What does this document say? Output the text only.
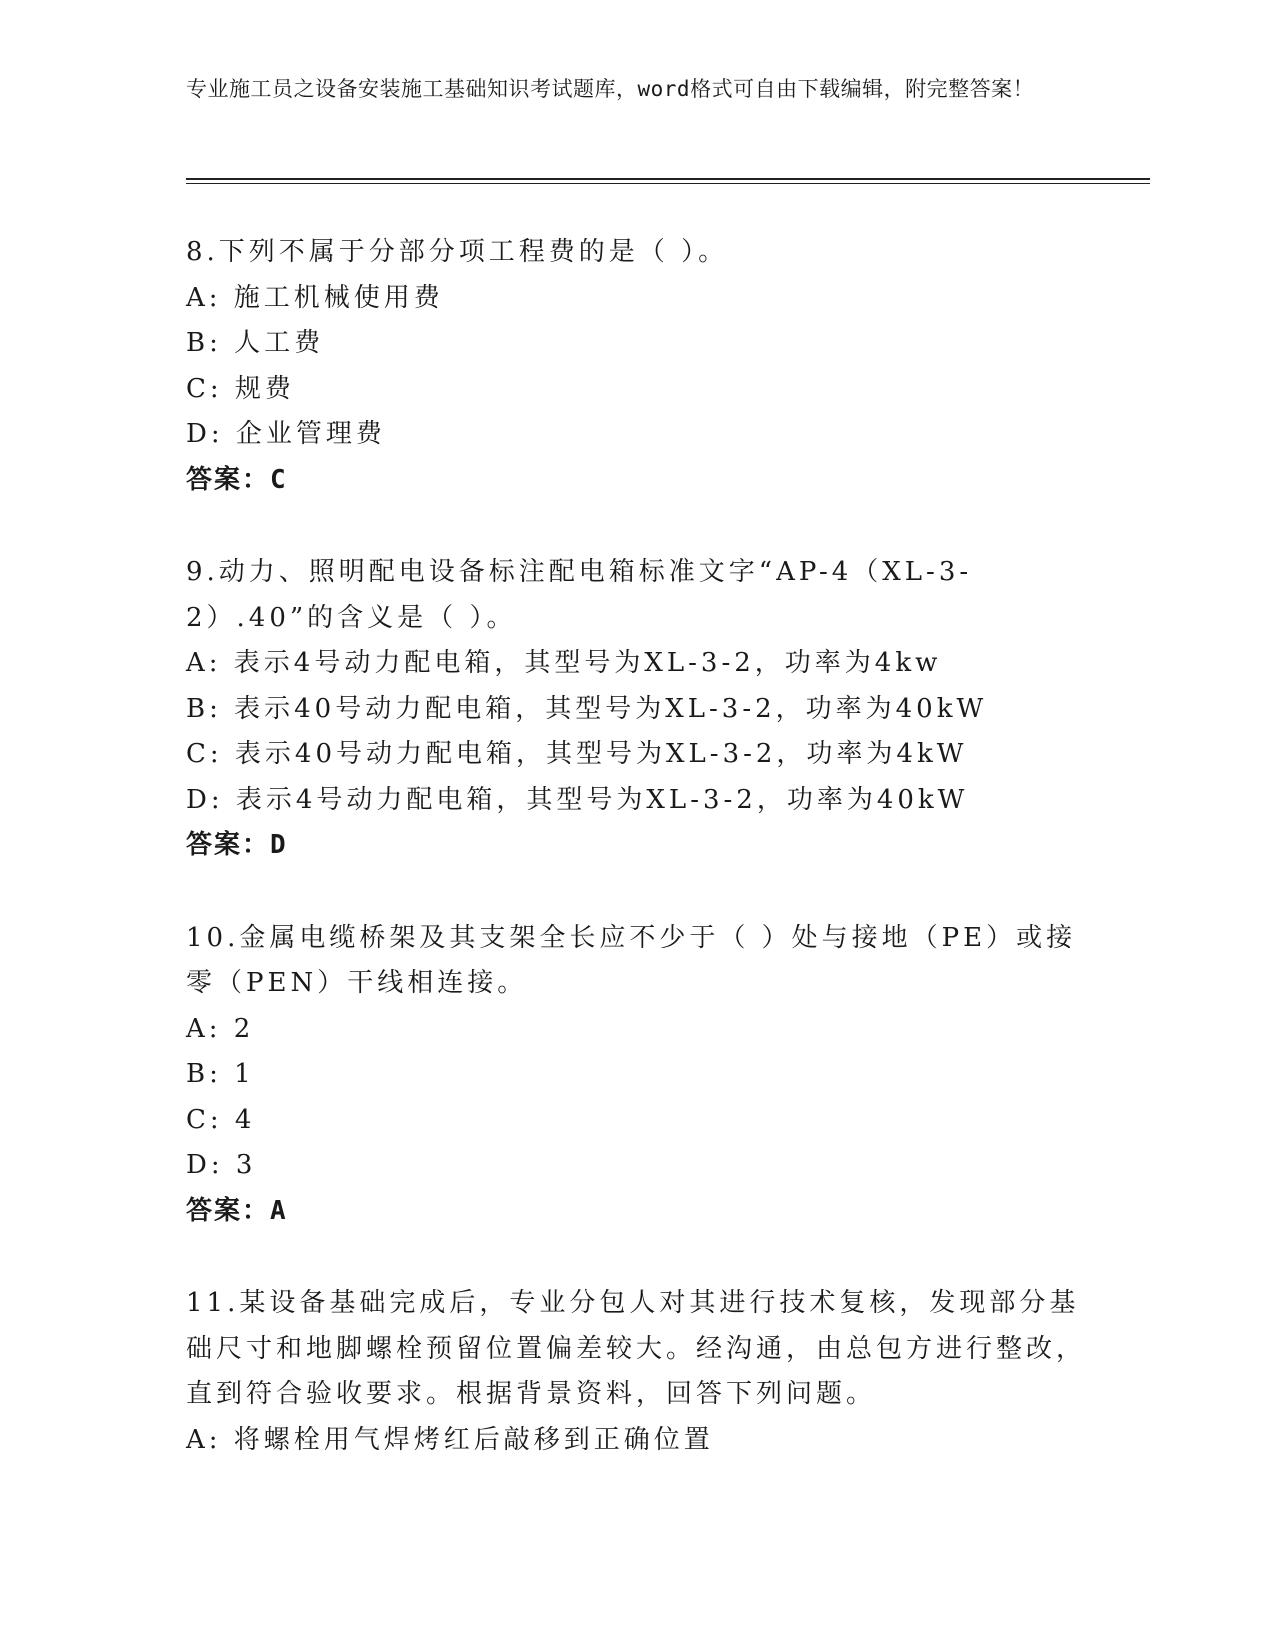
专业施工员之设备安装施工基础知识考试题库，word格式可自由下载编辑，附完整答案！
8.下列不属于分部分项工程费的是（ ）。
A: 施工机械使用费
B: 人工费
C: 规费
D: 企业管理费
答案：C
9.动力、照明配电设备标注配电箱标准文字“AP-4（XL-3-2）.40”的含义是（ ）。
A: 表示4号动力配电箱，其型号为XL-3-2，功率为4kw
B: 表示40号动力配电箱，其型号为XL-3-2，功率为40kW
C: 表示40号动力配电箱，其型号为XL-3-2，功率为4kW
D: 表示4号动力配电箱，其型号为XL-3-2，功率为40kW
答案：D
10.金属电缆桥架及其支架全长应不少于（ ）处与接地（PE）或接零（PEN）干线相连接。
A: 2
B: 1
C: 4
D: 3
答案：A
11.某设备基础完成后，专业分包人对其进行技术复核，发现部分基础尺寸和地脚螺栓预留位置偏差较大。经沟通，由总包方进行整改，直到符合验收要求。根据背景资料，回答下列问题。
A: 将螺栓用气焊烤红后敲移到正确位置
